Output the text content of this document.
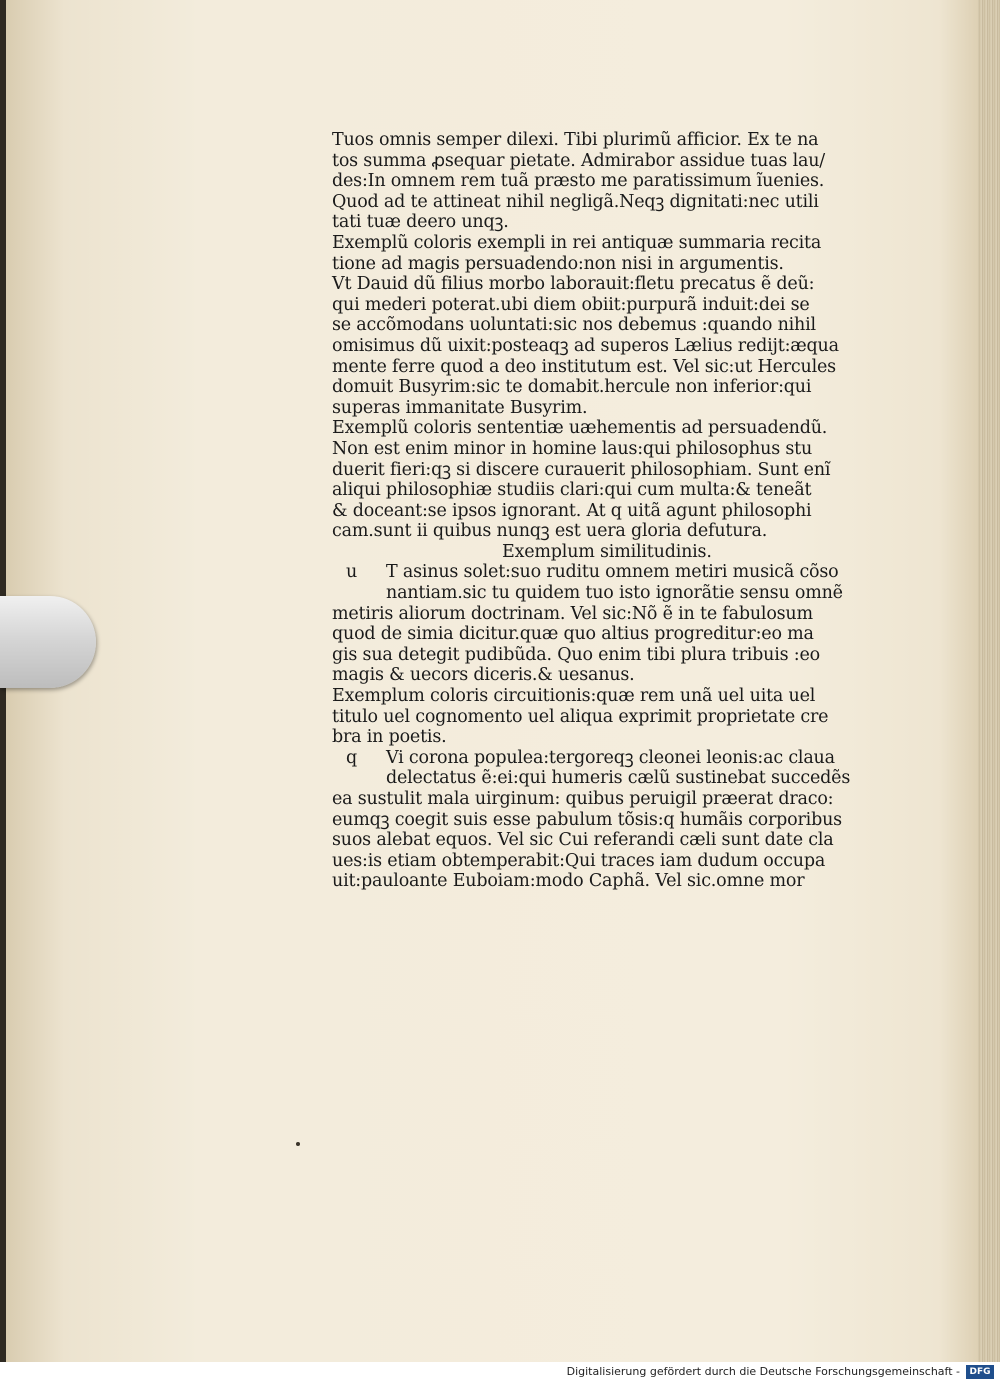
Tuos omnis semper dilexi. Tibi plurimũ afficior. Ex te na
tos summa ꝓsequar pietate. Admirabor assidue tuas lau/
des:In omnem rem tuã præsto me paratissimum ĩuenies.
Quod ad te attineat nihil negligã.Neqꝫ dignitati:nec utili
tati tuæ deero unqꝫ.
Exemplũ coloris exempli in rei antiquæ summaria recita
tione ad magis persuadendo:non nisi in argumentis.
Vt Dauid dũ filius morbo laborauit:fletu precatus ẽ deũ:
qui mederi poterat.ubi diem obiit:purpurã induit:dei se
se accõmodans uoluntati:sic nos debemus :quando nihil
omisimus dũ uixit:posteaqꝫ ad superos Lælius redijt:æqua
mente ferre quod a deo institutum est. Vel sic:ut Hercules
domuit Busyrim:sic te domabit.hercule non inferior:qui
superas immanitate Busyrim.
Exemplũ coloris sententiæ uæhementis ad persuadendũ.
Non est enim minor in homine laus:qui philosophus stu
duerit fieri:qꝫ si discere curauerit philosophiam. Sunt enĩ
aliqui philosophiæ studiis clari:qui cum multa:& teneãt
& doceant:se ipsos ignorant. At q uitã agunt philosophi
cam.sunt ii quibus nunqꝫ est uera gloria defutura.
Exemplum similitudinis.
u T asinus solet:suo ruditu omnem metiri musicã cõso
nantiam.sic tu quidem tuo isto ignorãtie sensu omnẽ
metiris aliorum doctrinam. Vel sic:Nõ ẽ in te fabulosum
quod de simia dicitur.quæ quo altius progreditur:eo ma
gis sua detegit pudibũda. Quo enim tibi plura tribuis :eo
magis & uecors diceris.& uesanus.
Exemplum coloris circuitionis:quæ rem unã uel uita uel
titulo uel cognomento uel aliqua exprimit proprietate cre
bra in poetis.
q Vi corona populea:tergoreqꝫ cleonei leonis:ac claua
delectatus ẽ:ei:qui humeris cælũ sustinebat succedẽs
ea sustulit mala uirginum: quibus peruigil præerat draco:
eumqꝫ coegit suis esse pabulum tõsis:q humãis corporibus
suos alebat equos. Vel sic Cui referandi cæli sunt date cla
ues:is etiam obtemperabit:Qui traces iam dudum occupa
uit:pauloante Euboiam:modo Caphã. Vel sic.omne mor
Digitalisierung gefördert durch die Deutsche Forschungsgemeinschaft -	DFG
